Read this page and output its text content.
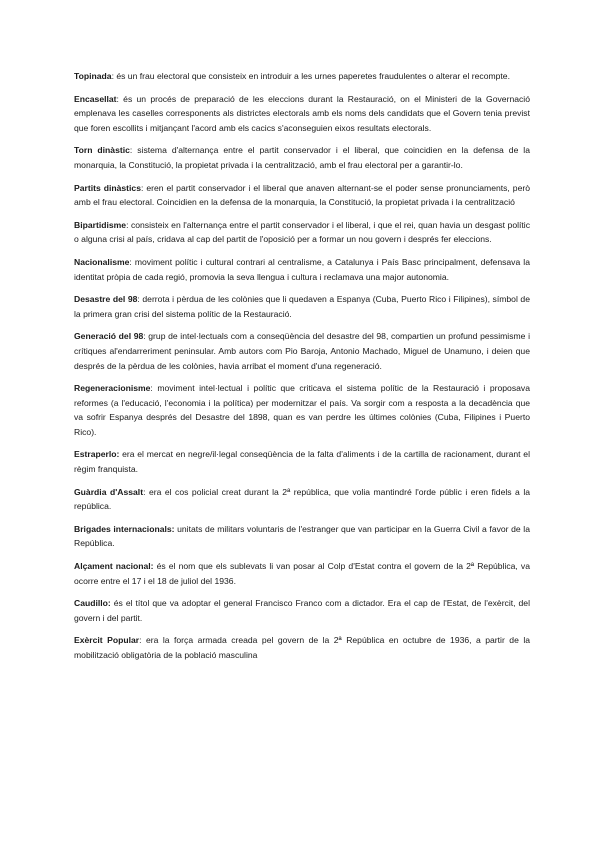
Topinada: és un frau electoral que consisteix en introduir a les urnes paperetes fraudulentes o alterar el recompte.

Encasellat: és un procés de preparació de les eleccions durant la Restauració, on el Ministeri de la Governació emplenava les caselles corresponents als districtes electorals amb els noms dels candidats que el Govern tenia previst que foren escollits i mitjançant l'acord amb els cacics s'aconseguien eixos resultats electorals.

Torn dinàstic: sistema d'alternança entre el partit conservador i el liberal, que coincidien en la defensa de la monarquia, la Constitució, la propietat privada i la centralització, amb el frau electoral per a garantir-lo.

Partits dinàstics: eren el partit conservador i el liberal que anaven alternant-se el poder sense pronunciaments, però amb el frau electoral. Coincidien en la defensa de la monarquia, la Constitució, la propietat privada i la centralització

Bipartidisme: consisteix en l'alternança entre el partit conservador i el liberal, i que el rei, quan havia un desgast polític o alguna crisi al país, cridava al cap del partit de l'oposició per a formar un nou govern i després fer eleccions.

Nacionalisme: moviment polític i cultural contrari al centralisme, a Catalunya i País Basc principalment, defensava la identitat pròpia de cada regió, promovia la seva llengua i cultura i reclamava una major autonomia.

Desastre del 98: derrota i pèrdua de les colònies que li quedaven a Espanya (Cuba, Puerto Rico i Filipines), símbol de la primera gran crisi del sistema polític de la Restauració.

Generació del 98: grup de intel·lectuals com a conseqüència del desastre del 98, compartien un profund pessimisme i crítiques al'endarreriment peninsular. Amb autors com Pio Baroja, Antonio Machado, Miguel de Unamuno, i deien que després de la pèrdua de les colònies, havia arribat el moment d'una regeneració.

Regeneracionisme: moviment intel·lectual i polític que criticava el sistema polític de la Restauració i proposava reformes (a l'educació, l'economia i la política) per modernitzar el país. Va sorgir com a resposta a la decadència que va sofrir Espanya després del Desastre del 1898, quan es van perdre les últimes colònies (Cuba, Filipines i Puerto Rico).

Estraperlo: era el mercat en negre/il·legal conseqüència de la falta d'aliments i de la cartilla de racionament, durant el règim franquista.

Guàrdia d'Assalt: era el cos policial creat durant la 2ª república, que volia mantindré l'orde públic i eren fidels a la república.

Brigades internacionals: unitats de militars voluntaris de l'estranger que van participar en la Guerra Civil a favor de la República.

Alçament nacional: és el nom que els sublevats li van posar al Colp d'Estat contra el govern de la 2ª República, va ocorre entre el 17 i el 18 de juliol del 1936.

Caudillo: és el títol que va adoptar el general Francisco Franco com a dictador. Era el cap de l'Estat, de l'exèrcit, del govern i del partit.

Exèrcit Popular: era la força armada creada pel govern de la 2ª República en octubre de 1936, a partir de la mobilització obligatòria de la població masculina
